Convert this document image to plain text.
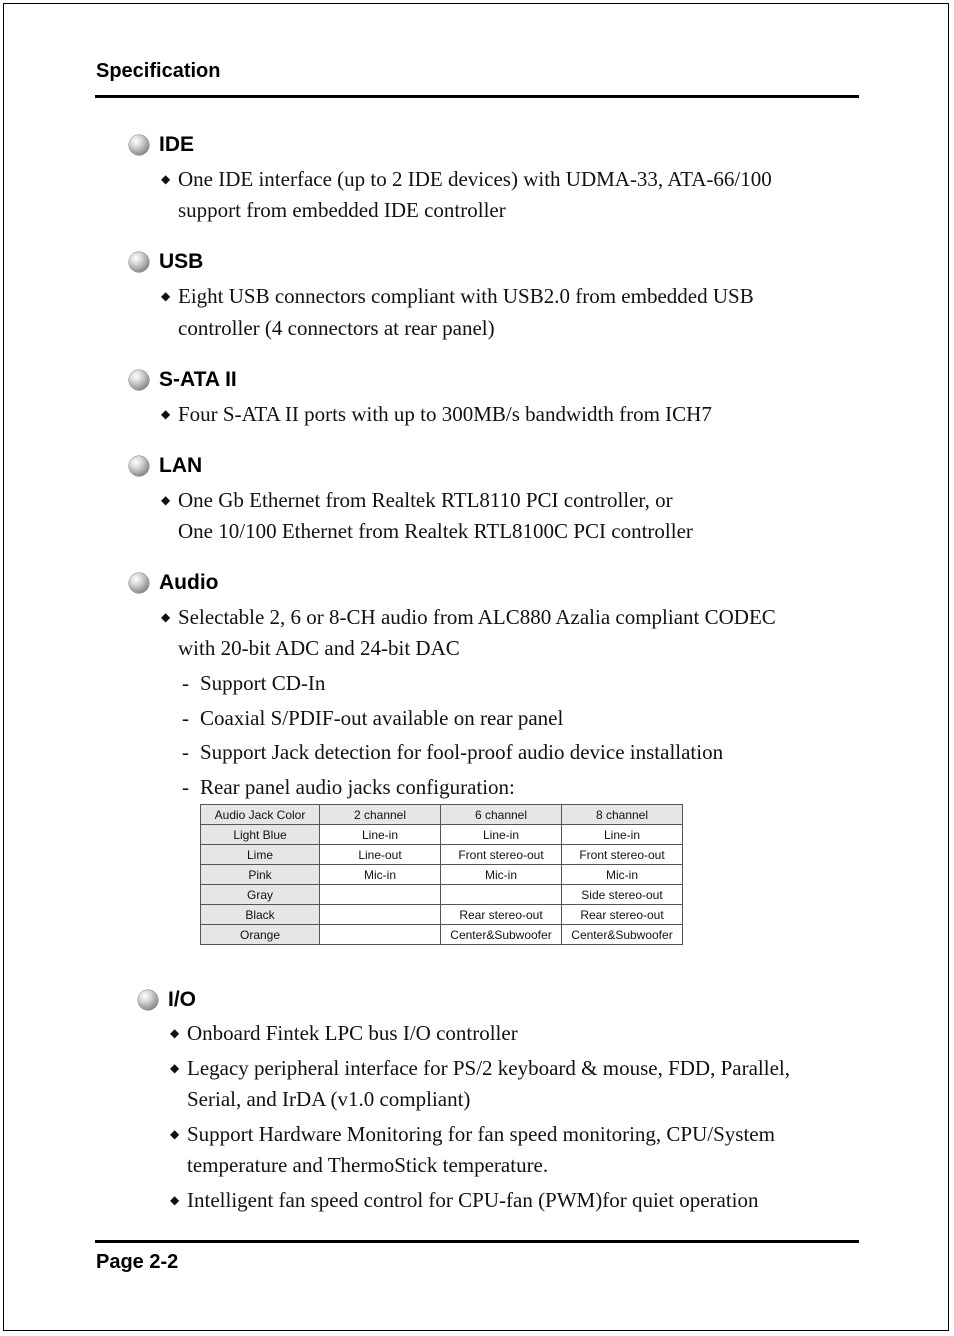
Specification
IDE
◆ One IDE interface (up to 2 IDE devices) with UDMA-33, ATA-66/100
support from embedded IDE controller
USB
◆ Eight USB connectors compliant with USB2.0 from embedded USB
controller (4 connectors at rear panel)
S-ATA II
◆ Four S-ATA II ports with up to 300MB/s bandwidth from ICH7
LAN
◆ One Gb Ethernet from Realtek RTL8110 PCI controller, or
One 10/100 Ethernet from Realtek RTL8100C PCI controller
Audio
◆ Selectable 2, 6 or 8-CH audio from ALC880 Azalia compliant CODEC
with 20-bit ADC and 24-bit DAC
- Support CD-In
- Coaxial S/PDIF-out available on rear panel
- Support Jack detection for fool-proof audio device installation
- Rear panel audio jacks configuration:
Audio Jack Color	2 channel	6 channel	8 channel
Light Blue	Line-in	Line-in	Line-in
Lime	Line-out	Front stereo-out	Front stereo-out
Pink	Mic-in	Mic-in	Mic-in
Gray			Side stereo-out
Black		Rear stereo-out	Rear stereo-out
Orange		Center&Subwoofer	Center&Subwoofer
I/O
◆ Onboard Fintek LPC bus I/O controller
◆ Legacy peripheral interface for PS/2 keyboard & mouse, FDD, Parallel,
Serial, and IrDA (v1.0 compliant)
◆ Support Hardware Monitoring for fan speed monitoring, CPU/System
temperature and ThermoStick temperature.
◆ Intelligent fan speed control for CPU-fan (PWM)for quiet operation
Page 2-2
